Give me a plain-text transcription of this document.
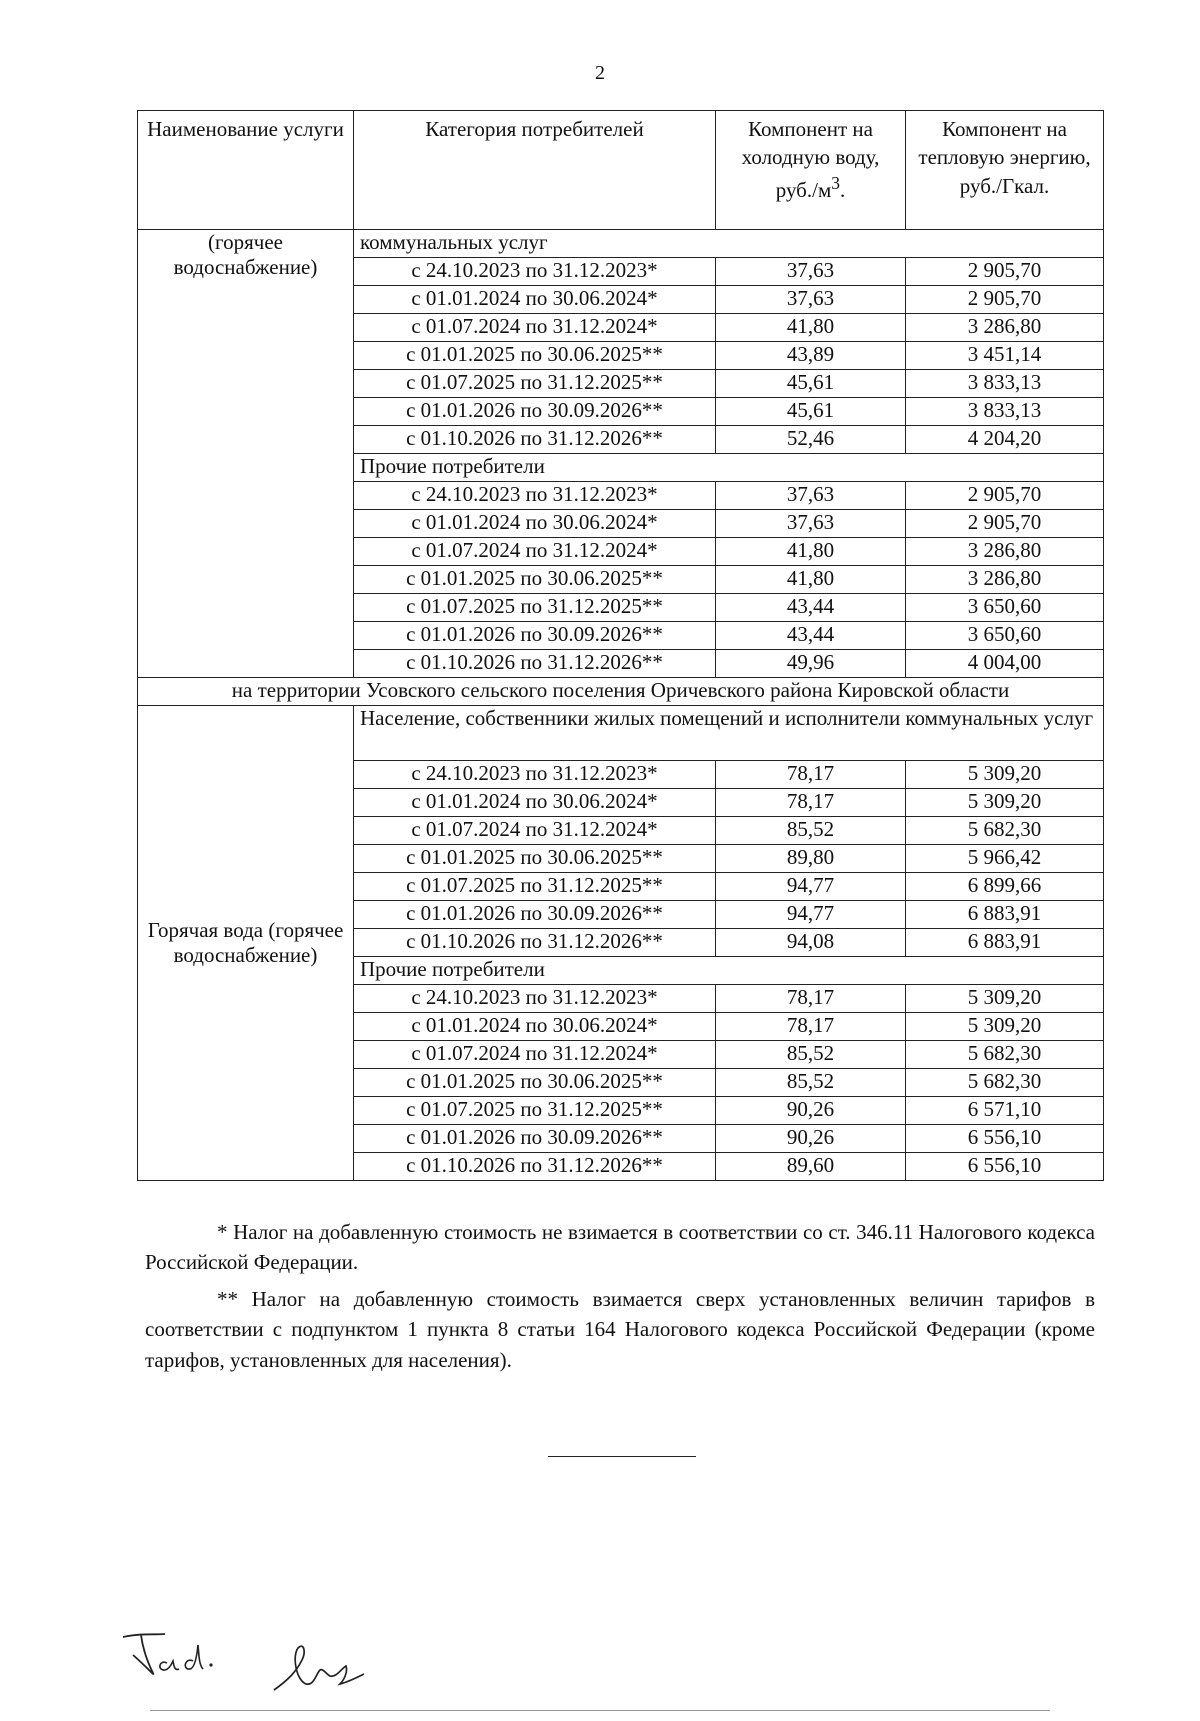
2
Наименование услуги	Категория потребителей	Компонент на холодную воду, $руб./м^3$.	Компонент на тепловую энергию, руб./Гкал.
(горячее водоснабжение)	коммунальных услуг		
	с 24.10.2023 по 31.12.2023*	37,63	2 905,70
	с 01.01.2024 по 30.06.2024*	37,63	2 905,70
	с 01.07.2024 по 31.12.2024*	41,80	3 286,80
	с 01.01.2025 по 30.06.2025**	43,89	3 451,14
	с 01.07.2025 по 31.12.2025**	45,61	3 833,13
	с 01.01.2026 по 30.09.2026**	45,61	3 833,13
	с 01.10.2026 по 31.12.2026**	52,46	4 204,20
	Прочие потребители		
	с 24.10.2023 по 31.12.2023*	37,63	2 905,70
	с 01.01.2024 по 30.06.2024*	37,63	2 905,70
	с 01.07.2024 по 31.12.2024*	41,80	3 286,80
	с 01.01.2025 по 30.06.2025**	41,80	3 286,80
	с 01.07.2025 по 31.12.2025**	43,44	3 650,60
	с 01.01.2026 по 30.09.2026**	43,44	3 650,60
	с 01.10.2026 по 31.12.2026**	49,96	4 004,00
на территории Усовского сельского поселения Оричевского района Кировской области			
Горячая вода (горячее водоснабжение)	Население, собственники жилых помещений и исполнители коммунальных услуг		
	с 24.10.2023 по 31.12.2023*	78,17	5 309,20
	с 01.01.2024 по 30.06.2024*	78,17	5 309,20
	с 01.07.2024 по 31.12.2024*	85,52	5 682,30
	с 01.01.2025 по 30.06.2025**	89,80	5 966,42
	с 01.07.2025 по 31.12.2025**	94,77	6 899,66
	с 01.01.2026 по 30.09.2026**	94,77	6 883,91
	с 01.10.2026 по 31.12.2026**	94,08	6 883,91
	Прочие потребители		
	с 24.10.2023 по 31.12.2023*	78,17	5 309,20
	с 01.01.2024 по 30.06.2024*	78,17	5 309,20
	с 01.07.2024 по 31.12.2024*	85,52	5 682,30
	с 01.01.2025 по 30.06.2025**	85,52	5 682,30
	с 01.07.2025 по 31.12.2025**	90,26	6 571,10
	с 01.01.2026 по 30.09.2026**	90,26	6 556,10
	с 01.10.2026 по 31.12.2026**	89,60	6 556,10

* Налог на добавленную стоимость не взимается в соответствии со ст. 346.11 Налогового кодекса Российской Федерации.

** Налог на добавленную стоимость взимается сверх установленных величин тарифов в соответствии с подпунктом 1 пункта 8 статьи 164 Налогового кодекса Российской Федерации (кроме тарифов, установленных для населения).
